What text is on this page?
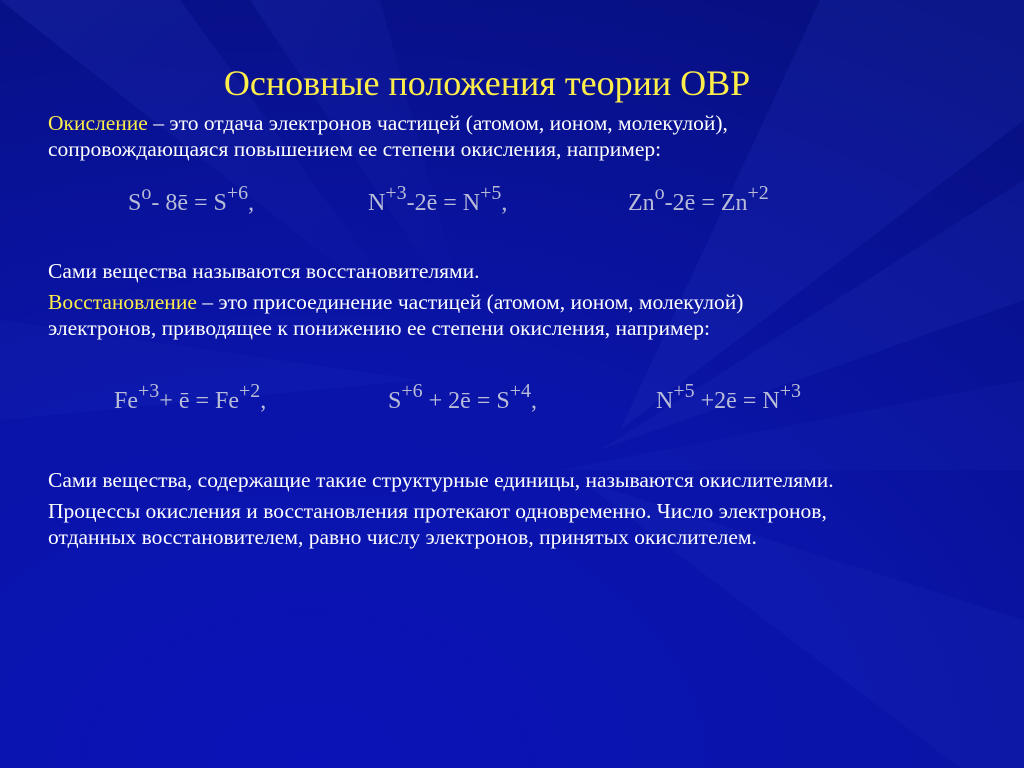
Основные положения теории ОВР

Окисление – это отдача электронов частицей (атомом, ионом, молекулой),
сопровождающаяся повышением ее степени окисления, например:

$S^o-$ 8ē = $S^{+6}$,	$N^{+3}-2ē = N^{+5}$,	$Zn^o-2ē = Zn^{+2}$

Сами вещества называются восстановителями.

Восстановление – это присоединение частицей (атомом, ионом, молекулой)
электронов, приводящее к понижению ее степени окисления, например:

$Fe^{+3}+$ ē = $Fe^{+2}$,	$S^{+6}$ + 2ē = $S^{+4}$,	$N^{+5}$ +2ē = $N^{+3}$

Сами вещества, содержащие такие структурные единицы, называются окислителями.

Процессы окисления и восстановления протекают одновременно. Число электронов,
отданных восстановителем, равно числу электронов, принятых окислителем.
